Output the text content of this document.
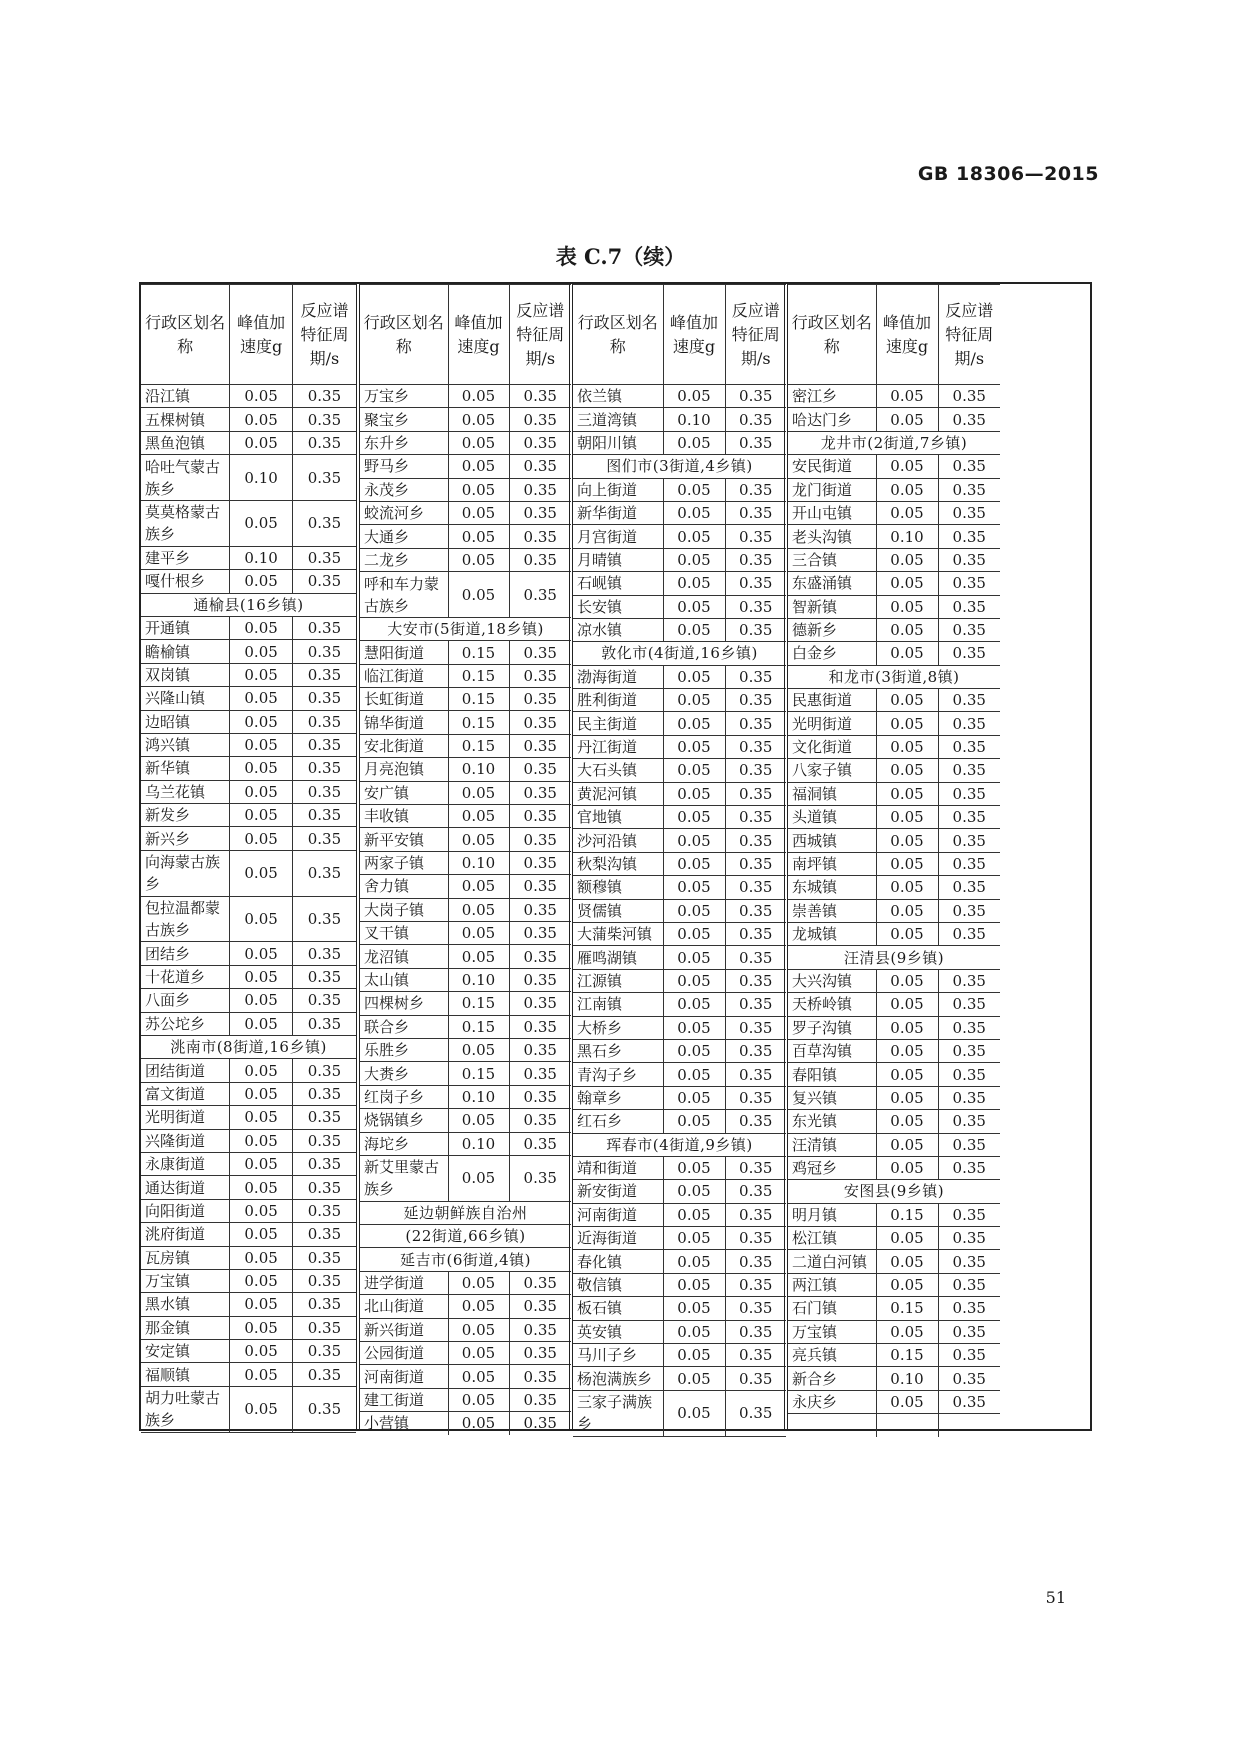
GB 18306—2015
表 C.7（续）
行政区划名称	峰值加速度g	反应谱特征周期/s
沿江镇	0.05	0.35
五棵树镇	0.05	0.35
黑鱼泡镇	0.05	0.35
哈吐气蒙古族乡	0.10	0.35

莫莫格蒙古族乡	0.05	0.35

建平乡	0.10	0.35
嘎什根乡	0.05	0.35
通榆县(16乡镇)		
开通镇	0.05	0.35
瞻榆镇	0.05	0.35
双岗镇	0.05	0.35
兴隆山镇	0.05	0.35
边昭镇	0.05	0.35
鸿兴镇	0.05	0.35
新华镇	0.05	0.35
乌兰花镇	0.05	0.35
新发乡	0.05	0.35
新兴乡	0.05	0.35
向海蒙古族乡	0.05	0.35

包拉温都蒙古族乡	0.05	0.35

团结乡	0.05	0.35
十花道乡	0.05	0.35
八面乡	0.05	0.35
苏公坨乡	0.05	0.35
洮南市(8街道,16乡镇)		
团结街道	0.05	0.35
富文街道	0.05	0.35
光明街道	0.05	0.35
兴隆街道	0.05	0.35
永康街道	0.05	0.35
通达街道	0.05	0.35
向阳街道	0.05	0.35
洮府街道	0.05	0.35
瓦房镇	0.05	0.35
万宝镇	0.05	0.35
黑水镇	0.05	0.35
那金镇	0.05	0.35
安定镇	0.05	0.35
福顺镇	0.05	0.35
胡力吐蒙古族乡	0.05	0.35

行政区划名称	峰值加速度g	反应谱特征周期/s
万宝乡	0.05	0.35
聚宝乡	0.05	0.35
东升乡	0.05	0.35
野马乡	0.05	0.35
永茂乡	0.05	0.35
蛟流河乡	0.05	0.35
大通乡	0.05	0.35
二龙乡	0.05	0.35
呼和车力蒙古族乡	0.05	0.35

大安市(5街道,18乡镇)		
慧阳街道	0.15	0.35
临江街道	0.15	0.35
长虹街道	0.15	0.35
锦华街道	0.15	0.35
安北街道	0.15	0.35
月亮泡镇	0.10	0.35
安广镇	0.05	0.35
丰收镇	0.05	0.35
新平安镇	0.05	0.35
两家子镇	0.10	0.35
舍力镇	0.05	0.35
大岗子镇	0.05	0.35
叉干镇	0.05	0.35
龙沼镇	0.05	0.35
太山镇	0.10	0.35
四棵树乡	0.15	0.35
联合乡	0.15	0.35
乐胜乡	0.05	0.35
大赉乡	0.15	0.35
红岗子乡	0.10	0.35
烧锅镇乡	0.05	0.35
海坨乡	0.10	0.35
新艾里蒙古族乡	0.05	0.35

延边朝鲜族自治州		
(22街道,66乡镇)		
延吉市(6街道,4镇)		
进学街道	0.05	0.35
北山街道	0.05	0.35
新兴街道	0.05	0.35
公园街道	0.05	0.35
河南街道	0.05	0.35
建工街道	0.05	0.35
小营镇	0.05	0.35
行政区划名称	峰值加速度g	反应谱特征周期/s
依兰镇	0.05	0.35
三道湾镇	0.10	0.35
朝阳川镇	0.05	0.35
图们市(3街道,4乡镇)		
向上街道	0.05	0.35
新华街道	0.05	0.35
月宫街道	0.05	0.35
月晴镇	0.05	0.35
石岘镇	0.05	0.35
长安镇	0.05	0.35
凉水镇	0.05	0.35
敦化市(4街道,16乡镇)		
渤海街道	0.05	0.35
胜利街道	0.05	0.35
民主街道	0.05	0.35
丹江街道	0.05	0.35
大石头镇	0.05	0.35
黄泥河镇	0.05	0.35
官地镇	0.05	0.35
沙河沿镇	0.05	0.35
秋梨沟镇	0.05	0.35
额穆镇	0.05	0.35
贤儒镇	0.05	0.35
大蒲柴河镇	0.05	0.35
雁鸣湖镇	0.05	0.35
江源镇	0.05	0.35
江南镇	0.05	0.35
大桥乡	0.05	0.35
黑石乡	0.05	0.35
青沟子乡	0.05	0.35
翰章乡	0.05	0.35
红石乡	0.05	0.35
珲春市(4街道,9乡镇)		
靖和街道	0.05	0.35
新安街道	0.05	0.35
河南街道	0.05	0.35
近海街道	0.05	0.35
春化镇	0.05	0.35
敬信镇	0.05	0.35
板石镇	0.05	0.35
英安镇	0.05	0.35
马川子乡	0.05	0.35
杨泡满族乡	0.05	0.35
三家子满族乡	0.05	0.35

行政区划名称	峰值加速度g	反应谱特征周期/s
密江乡	0.05	0.35
哈达门乡	0.05	0.35
龙井市(2街道,7乡镇)		
安民街道	0.05	0.35
龙门街道	0.05	0.35
开山屯镇	0.05	0.35
老头沟镇	0.10	0.35
三合镇	0.05	0.35
东盛涌镇	0.05	0.35
智新镇	0.05	0.35
德新乡	0.05	0.35
白金乡	0.05	0.35
和龙市(3街道,8镇)		
民惠街道	0.05	0.35
光明街道	0.05	0.35
文化街道	0.05	0.35
八家子镇	0.05	0.35
福洞镇	0.05	0.35
头道镇	0.05	0.35
西城镇	0.05	0.35
南坪镇	0.05	0.35
东城镇	0.05	0.35
崇善镇	0.05	0.35
龙城镇	0.05	0.35
汪清县(9乡镇)		
大兴沟镇	0.05	0.35
天桥岭镇	0.05	0.35
罗子沟镇	0.05	0.35
百草沟镇	0.05	0.35
春阳镇	0.05	0.35
复兴镇	0.05	0.35
东光镇	0.05	0.35
汪清镇	0.05	0.35
鸡冠乡	0.05	0.35
安图县(9乡镇)		
明月镇	0.15	0.35
松江镇	0.05	0.35
二道白河镇	0.05	0.35
两江镇	0.05	0.35
石门镇	0.15	0.35
万宝镇	0.05	0.35
亮兵镇	0.15	0.35
新合乡	0.10	0.35
永庆乡	0.05	0.35

51
